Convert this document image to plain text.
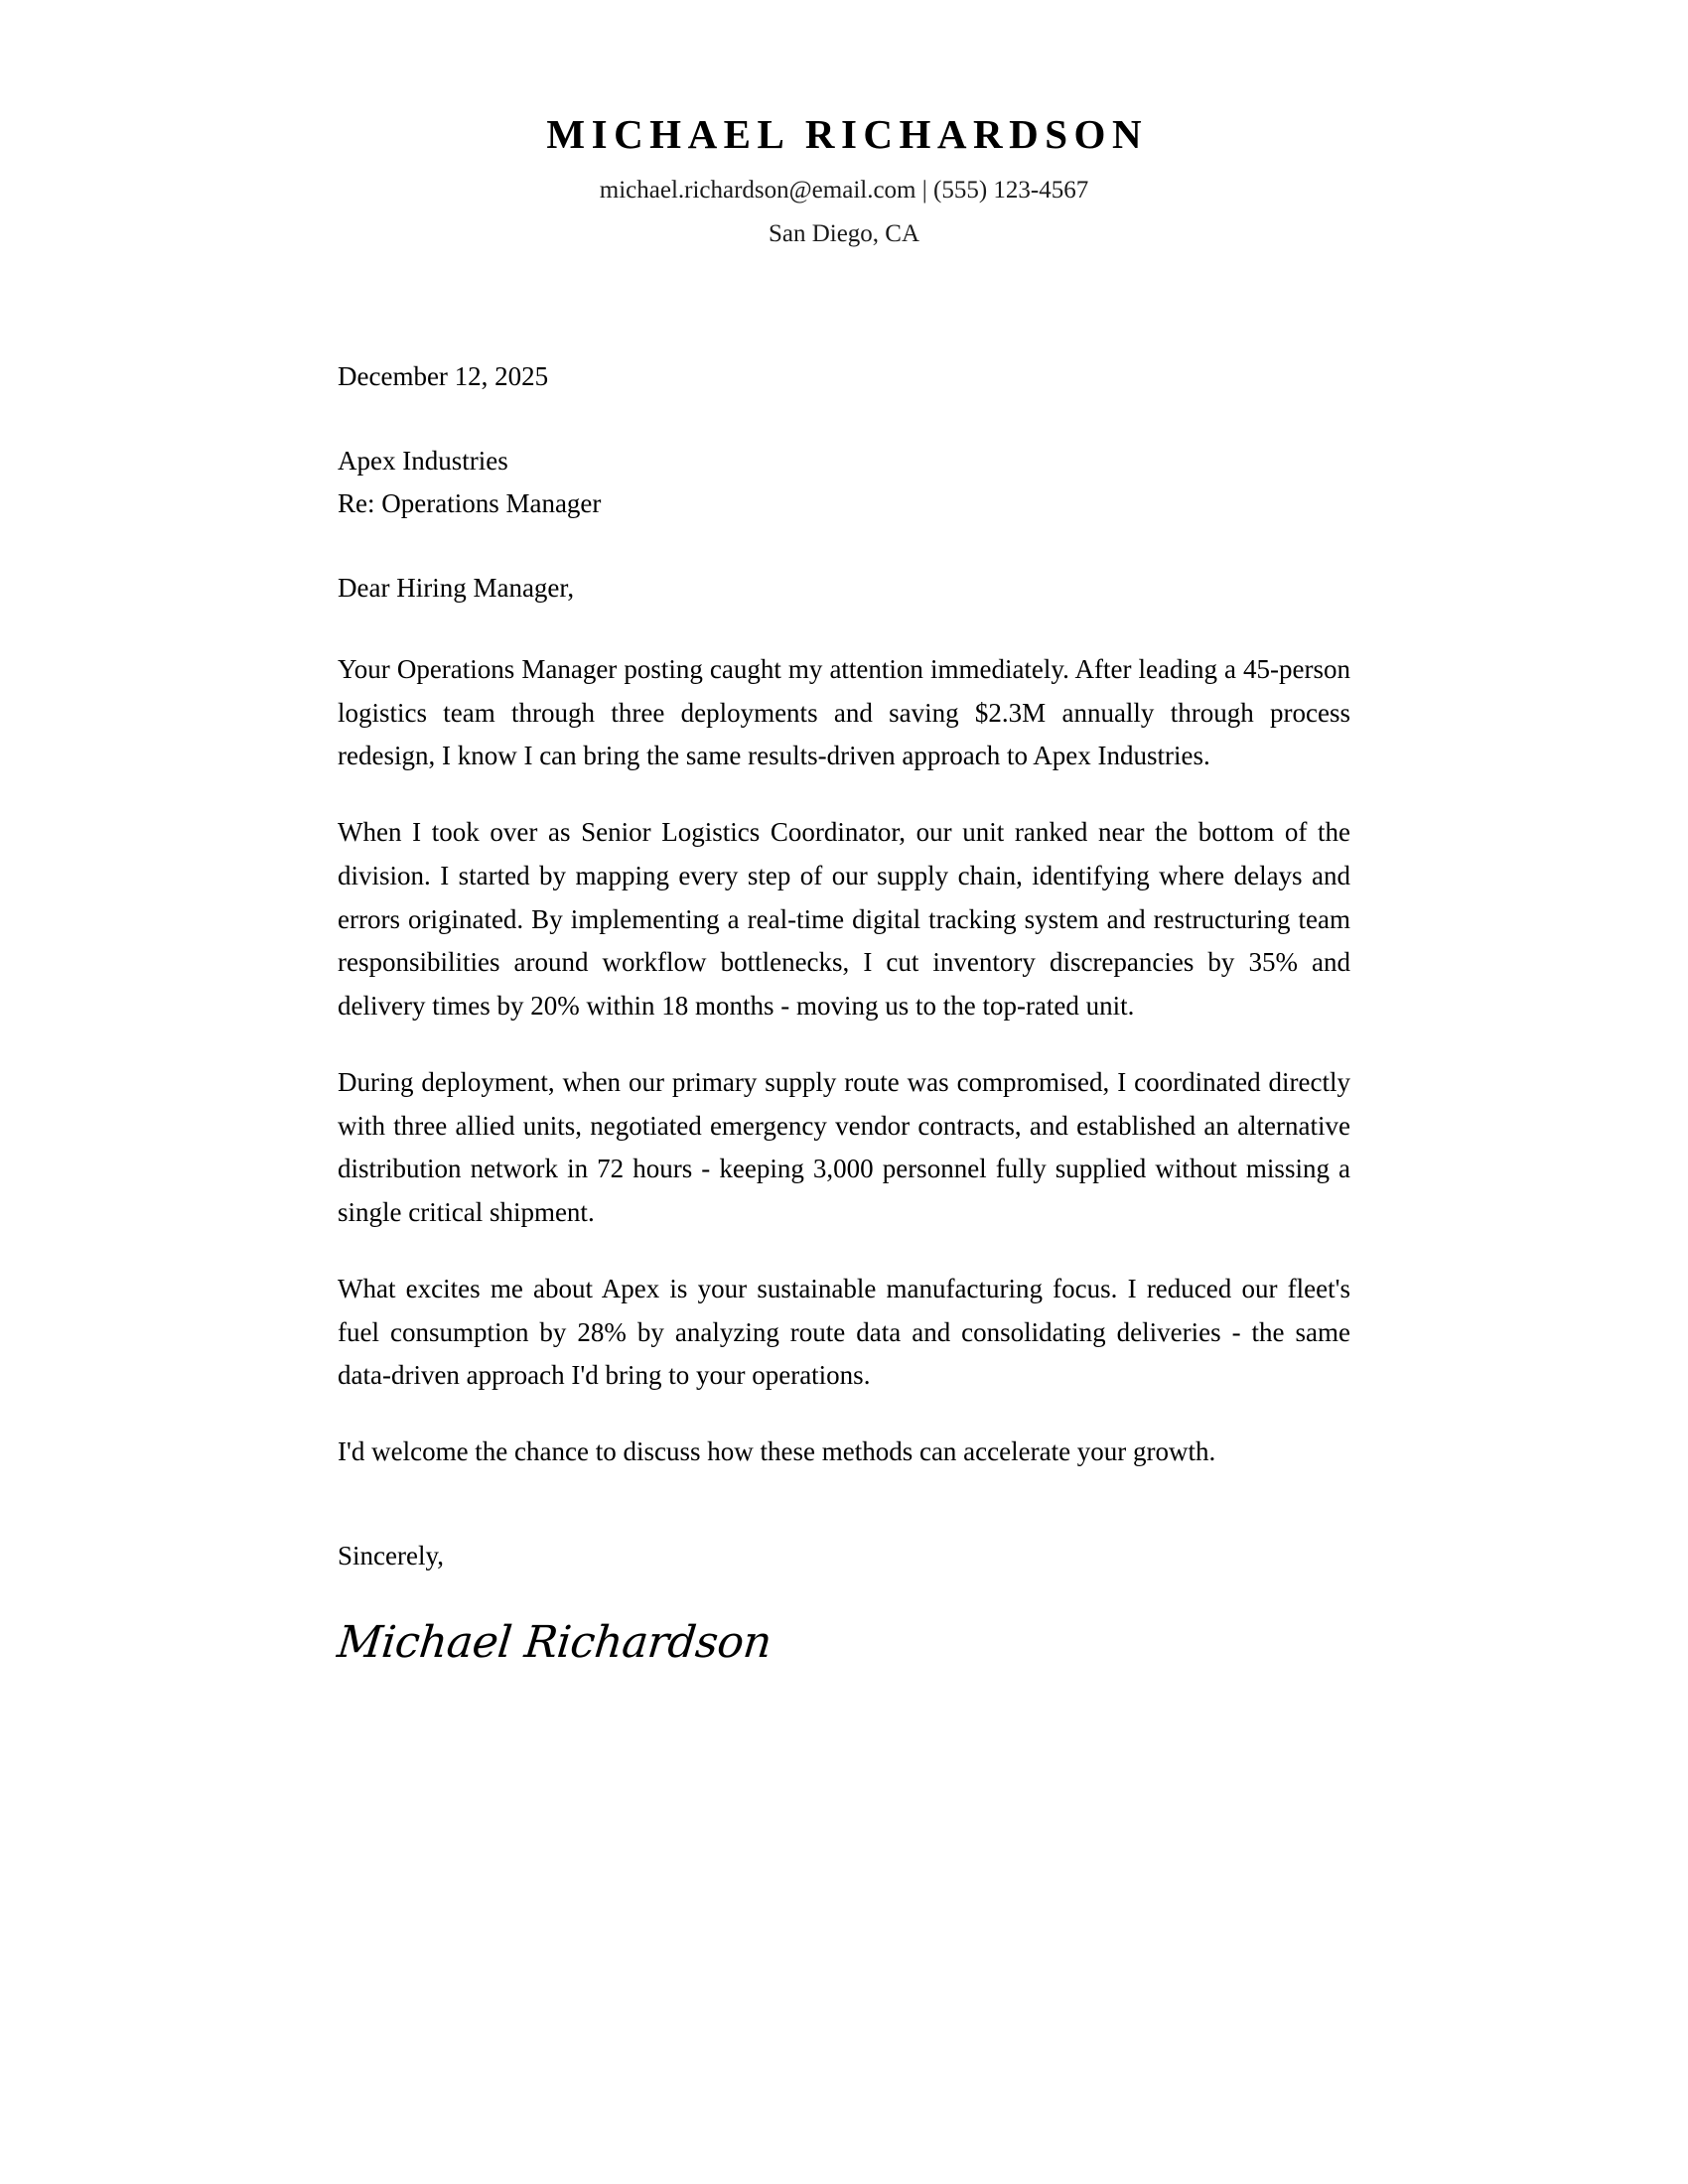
MICHAEL RICHARDSON
michael.richardson@email.com | (555) 123-4567
San Diego, CA
December 12, 2025
Apex Industries
Re: Operations Manager
Dear Hiring Manager,

Your Operations Manager posting caught my attention immediately. After leading a 45-person logistics team through three deployments and saving $2.3M annually through process redesign, I know I can bring the same results-driven approach to Apex Industries.

When I took over as Senior Logistics Coordinator, our unit ranked near the bottom of the division. I started by mapping every step of our supply chain, identifying where delays and errors originated. By implementing a real-time digital tracking system and restructuring team responsibilities around workflow bottlenecks, I cut inventory discrepancies by 35% and delivery times by 20% within 18 months - moving us to the top-rated unit.

During deployment, when our primary supply route was compromised, I coordinated directly with three allied units, negotiated emergency vendor contracts, and established an alternative distribution network in 72 hours - keeping 3,000 personnel fully supplied without missing a single critical shipment.

What excites me about Apex is your sustainable manufacturing focus. I reduced our fleet's fuel consumption by 28% by analyzing route data and consolidating deliveries - the same data-driven approach I'd bring to your operations.

I'd welcome the chance to discuss how these methods can accelerate your growth.

Sincerely,
Michael Richardson
